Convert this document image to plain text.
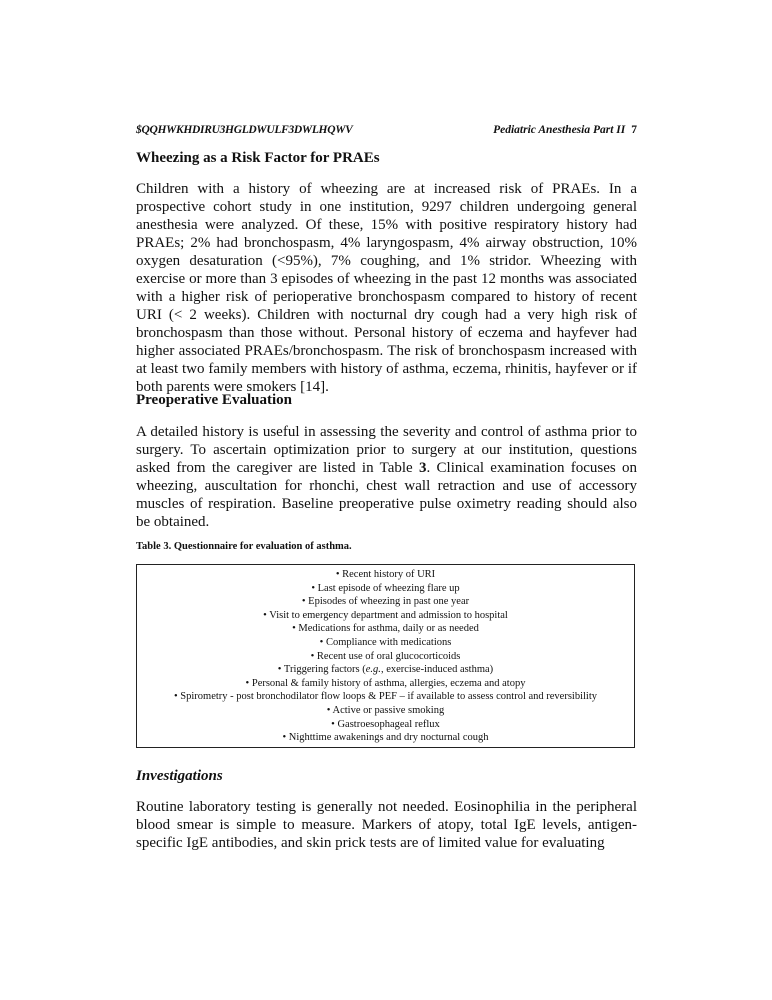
$QQHWKHDIRU3HGLDWULF3DWLHQWV	Pediatric Anesthesia Part II 7
Wheezing as a Risk Factor for PRAEs

Children with a history of wheezing are at increased risk of PRAEs. In a prospective cohort study in one institution, 9297 children undergoing general anesthesia were analyzed. Of these, 15% with positive respiratory history had PRAEs; 2% had bronchospasm, 4% laryngospasm, 4% airway obstruction, 10% oxygen desaturation (<95%), 7% coughing, and 1% stridor. Wheezing with exercise or more than 3 episodes of wheezing in the past 12 months was associated with a higher risk of perioperative bronchospasm compared to history of recent URI (< 2 weeks). Children with nocturnal dry cough had a very high risk of bronchospasm than those without. Personal history of eczema and hayfever had higher associated PRAEs/bronchospasm. The risk of bronchospasm increased with at least two family members with history of asthma, eczema, rhinitis, hayfever or if both parents were smokers [14].

Preoperative Evaluation

A detailed history is useful in assessing the severity and control of asthma prior to surgery. To ascertain optimization prior to surgery at our institution, questions asked from the caregiver are listed in Table 3. Clinical examination focuses on wheezing, auscultation for rhonchi, chest wall retraction and use of accessory muscles of respiration. Baseline preoperative pulse oximetry reading should also be obtained.

Table 3. Questionnaire for evaluation of asthma.

• Recent history of URI
• Last episode of wheezing flare up
• Episodes of wheezing in past one year
• Visit to emergency department and admission to hospital
• Medications for asthma, daily or as needed
• Compliance with medications
• Recent use of oral glucocorticoids
• Triggering factors (e.g., exercise-induced asthma)
• Personal & family history of asthma, allergies, eczema and atopy
• Spirometry - post bronchodilator flow loops & PEF – if available to assess control and reversibility
• Active or passive smoking
• Gastroesophageal reflux
• Nighttime awakenings and dry nocturnal cough
Investigations

Routine laboratory testing is generally not needed. Eosinophilia in the peripheral blood smear is simple to measure. Markers of atopy, total IgE levels, antigen-specific IgE antibodies, and skin prick tests are of limited value for evaluating
